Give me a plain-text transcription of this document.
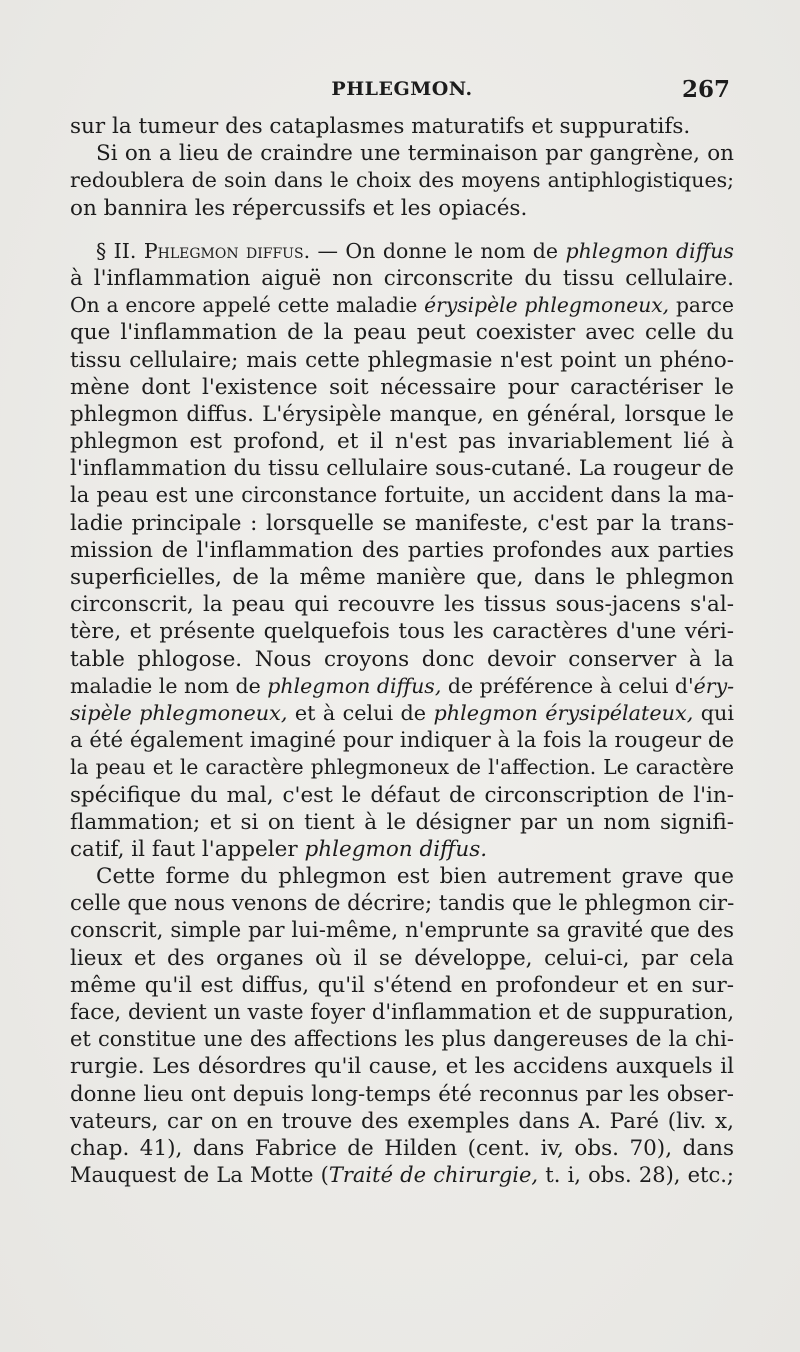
PHLEGMON.	267
sur la tumeur des cataplasmes maturatifs et suppuratifs.
Si on a lieu de craindre une terminaison par gangrène, on
redoublera de soin dans le choix des moyens antiphlogistiques;
on bannira les répercussifs et les opiacés.
§ II. Phlegmon diffus. — On donne le nom de phlegmon diffus
à l'inflammation aiguë non circonscrite du tissu cellulaire.
On a encore appelé cette maladie érysipèle phlegmoneux, parce
que l'inflammation de la peau peut coexister avec celle du
tissu cellulaire; mais cette phlegmasie n'est point un phéno-
mène dont l'existence soit nécessaire pour caractériser le
phlegmon diffus. L'érysipèle manque, en général, lorsque le
phlegmon est profond, et il n'est pas invariablement lié à
l'inflammation du tissu cellulaire sous-cutané. La rougeur de
la peau est une circonstance fortuite, un accident dans la ma-
ladie principale : lorsquelle se manifeste, c'est par la trans-
mission de l'inflammation des parties profondes aux parties
superficielles, de la même manière que, dans le phlegmon
circonscrit, la peau qui recouvre les tissus sous-jacens s'al-
tère, et présente quelquefois tous les caractères d'une véri-
table phlogose. Nous croyons donc devoir conserver à la
maladie le nom de phlegmon diffus, de préférence à celui d'éry-
sipèle phlegmoneux, et à celui de phlegmon érysipélateux, qui
a été également imaginé pour indiquer à la fois la rougeur de
la peau et le caractère phlegmoneux de l'affection. Le caractère
spécifique du mal, c'est le défaut de circonscription de l'in-
flammation; et si on tient à le désigner par un nom signifi-
catif, il faut l'appeler phlegmon diffus.
Cette forme du phlegmon est bien autrement grave que
celle que nous venons de décrire; tandis que le phlegmon cir-
conscrit, simple par lui-même, n'emprunte sa gravité que des
lieux et des organes où il se développe, celui-ci, par cela
même qu'il est diffus, qu'il s'étend en profondeur et en sur-
face, devient un vaste foyer d'inflammation et de suppuration,
et constitue une des affections les plus dangereuses de la chi-
rurgie. Les désordres qu'il cause, et les accidens auxquels il
donne lieu ont depuis long-temps été reconnus par les obser-
vateurs, car on en trouve des exemples dans A. Paré (liv. x,
chap. 41), dans Fabrice de Hilden (cent. iv, obs. 70), dans
Mauquest de La Motte (Traité de chirurgie, t. i, obs. 28), etc.;
